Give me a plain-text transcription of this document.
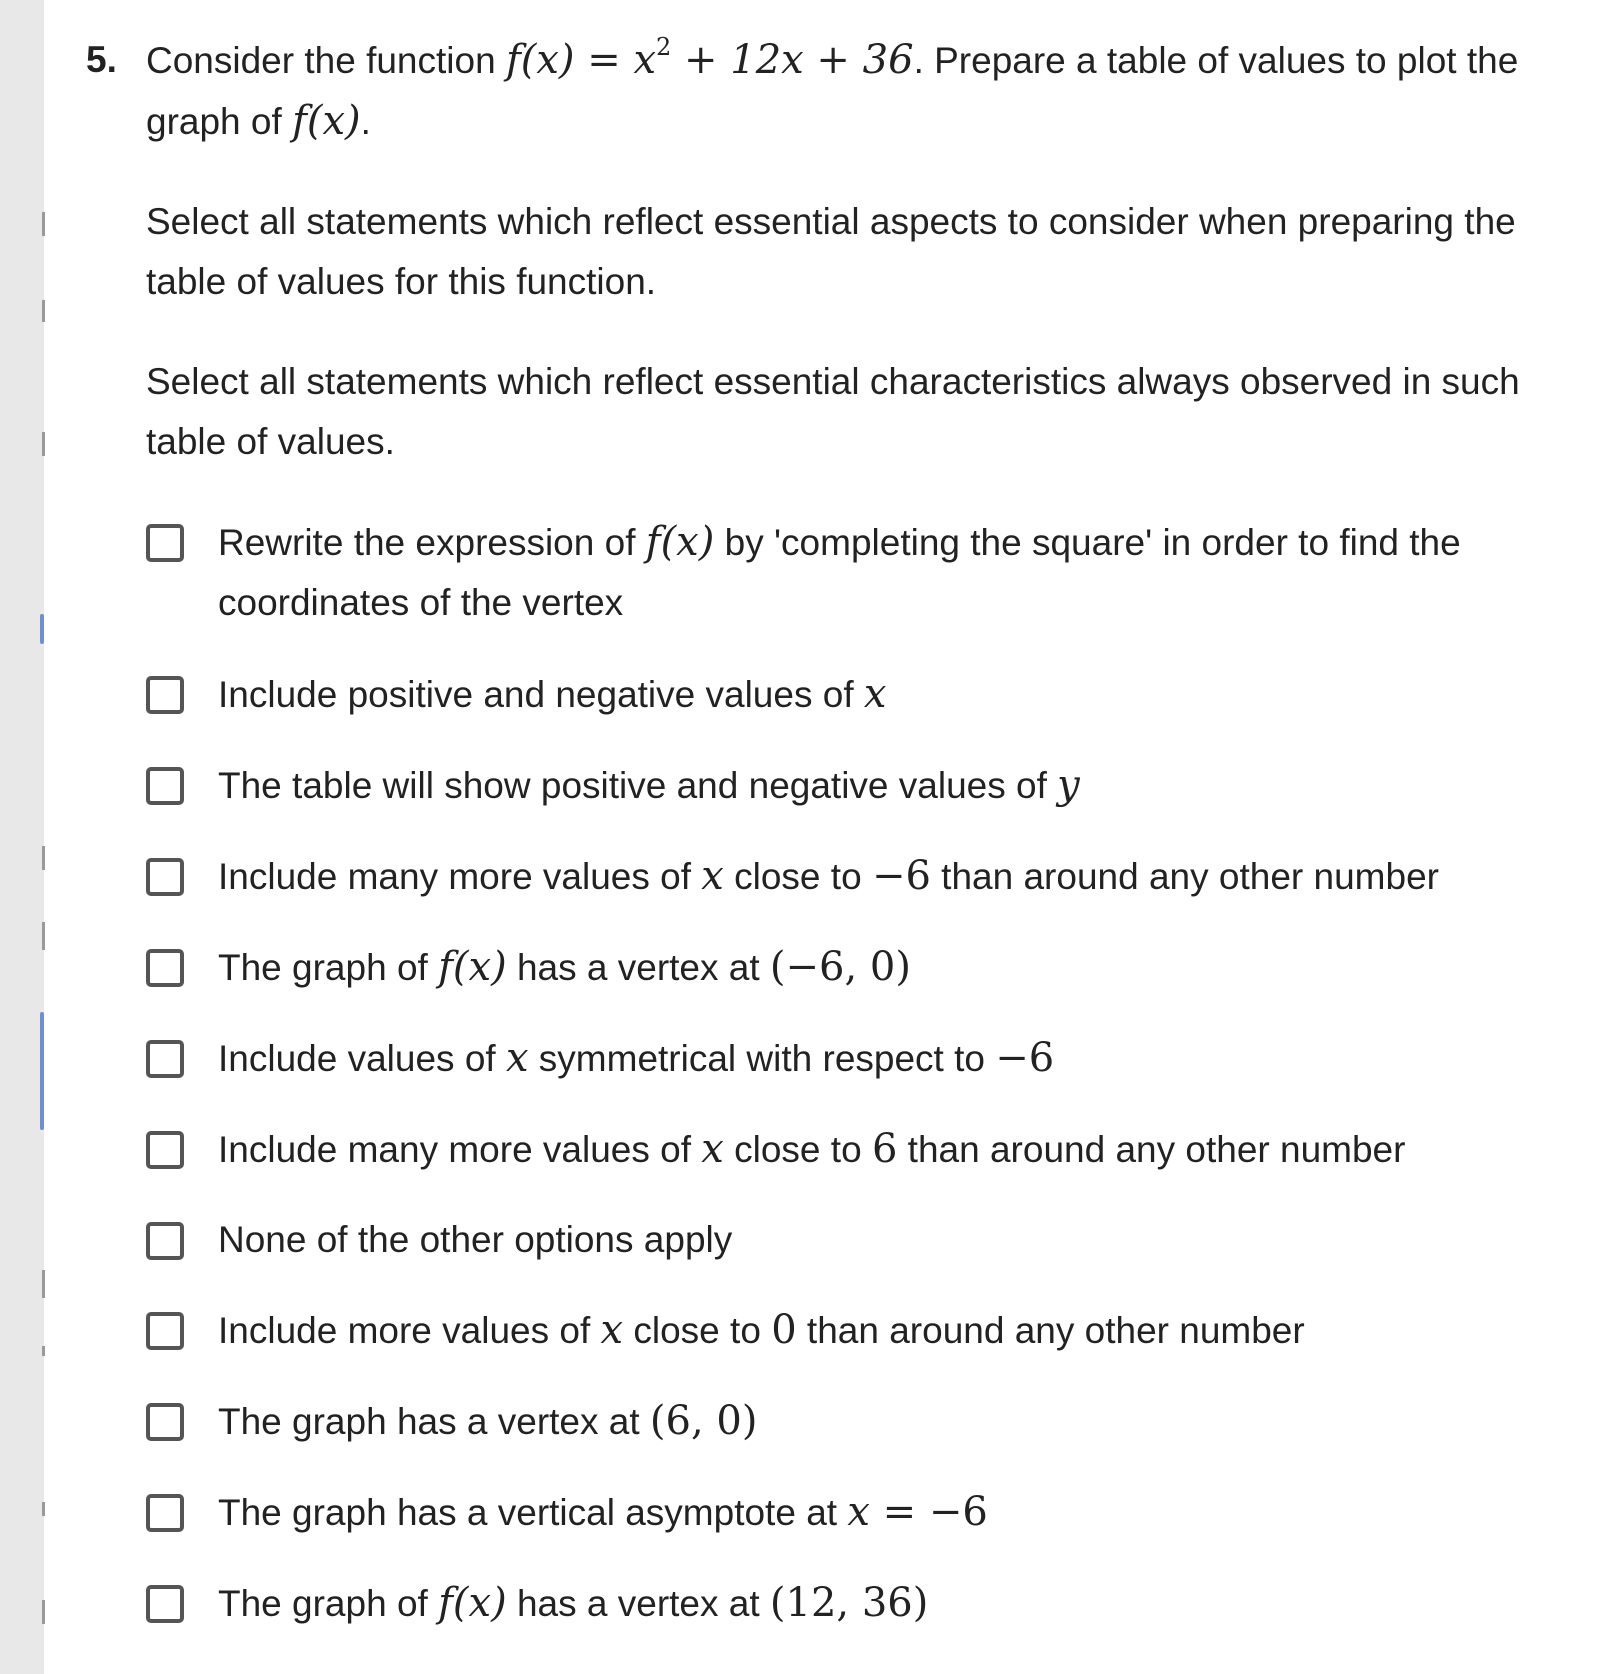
5. Consider the function $f(x) = x^2 + 12x + 36$. Prepare a table of values to plot the graph of f(x).
Select all statements which reflect essential aspects to consider when preparing the table of values for this function.
Select all statements which reflect essential characteristics always observed in such table of values.
Rewrite the expression of f(x) by 'completing the square' in order to find the coordinates of the vertex
Include positive and negative values of x
The table will show positive and negative values of y
Include many more values of x close to −6 than around any other number
The graph of f(x) has a vertex at (−6, 0)
Include values of x symmetrical with respect to −6
Include many more values of x close to 6 than around any other number
None of the other options apply
Include more values of x close to 0 than around any other number
The graph has a vertex at (6, 0)
The graph has a vertical asymptote at x = −6
The graph of f(x) has a vertex at (12, 36)
